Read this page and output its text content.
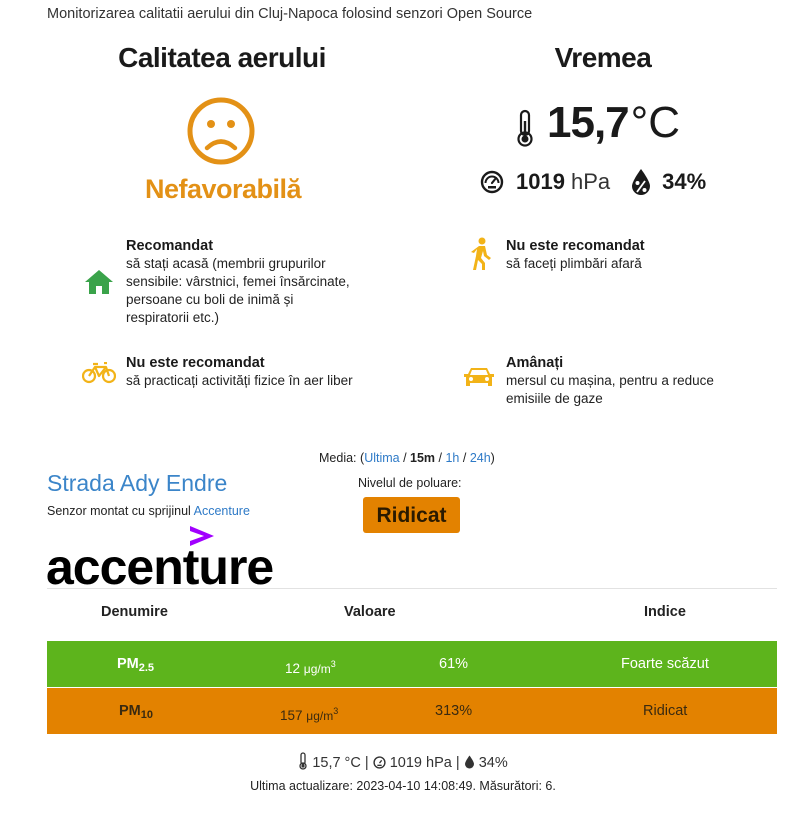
Monitorizarea calitatii aerului din Cluj-Napoca folosind senzori Open Source
Calitatea aerului
Nefavorabilă
Vremea
15,7 °C
1019 hPa 34%
Recomandat
să stați acasă (membrii grupurilor sensibile: vârstnici, femei însărcinate, persoane cu boli de inimă și respiratorii etc.)
Nu este recomandat
să faceți plimbări afară
Nu este recomandat
să practicați activități fizice în aer liber
Amânați
mersul cu mașina, pentru a reduce emisiile de gaze
Media: (Ultima / 15m / 1h / 24h)
Nivelul de poluare:
Ridicat
Strada Ady Endre
Senzor montat cu sprijinul Accenture
accenture
Denumire	Valoare	Indice
$PM_{2.5}$	12 $\mu g/m^3$	61%	Foarte scăzut
$PM_{10}$	157 $\mu g/m^3$	313%	Ridicat
15,7 °C | 1019 hPa | 34%
Ultima actualizare: 2023-04-10 14:08:49. Măsurători: 6.
